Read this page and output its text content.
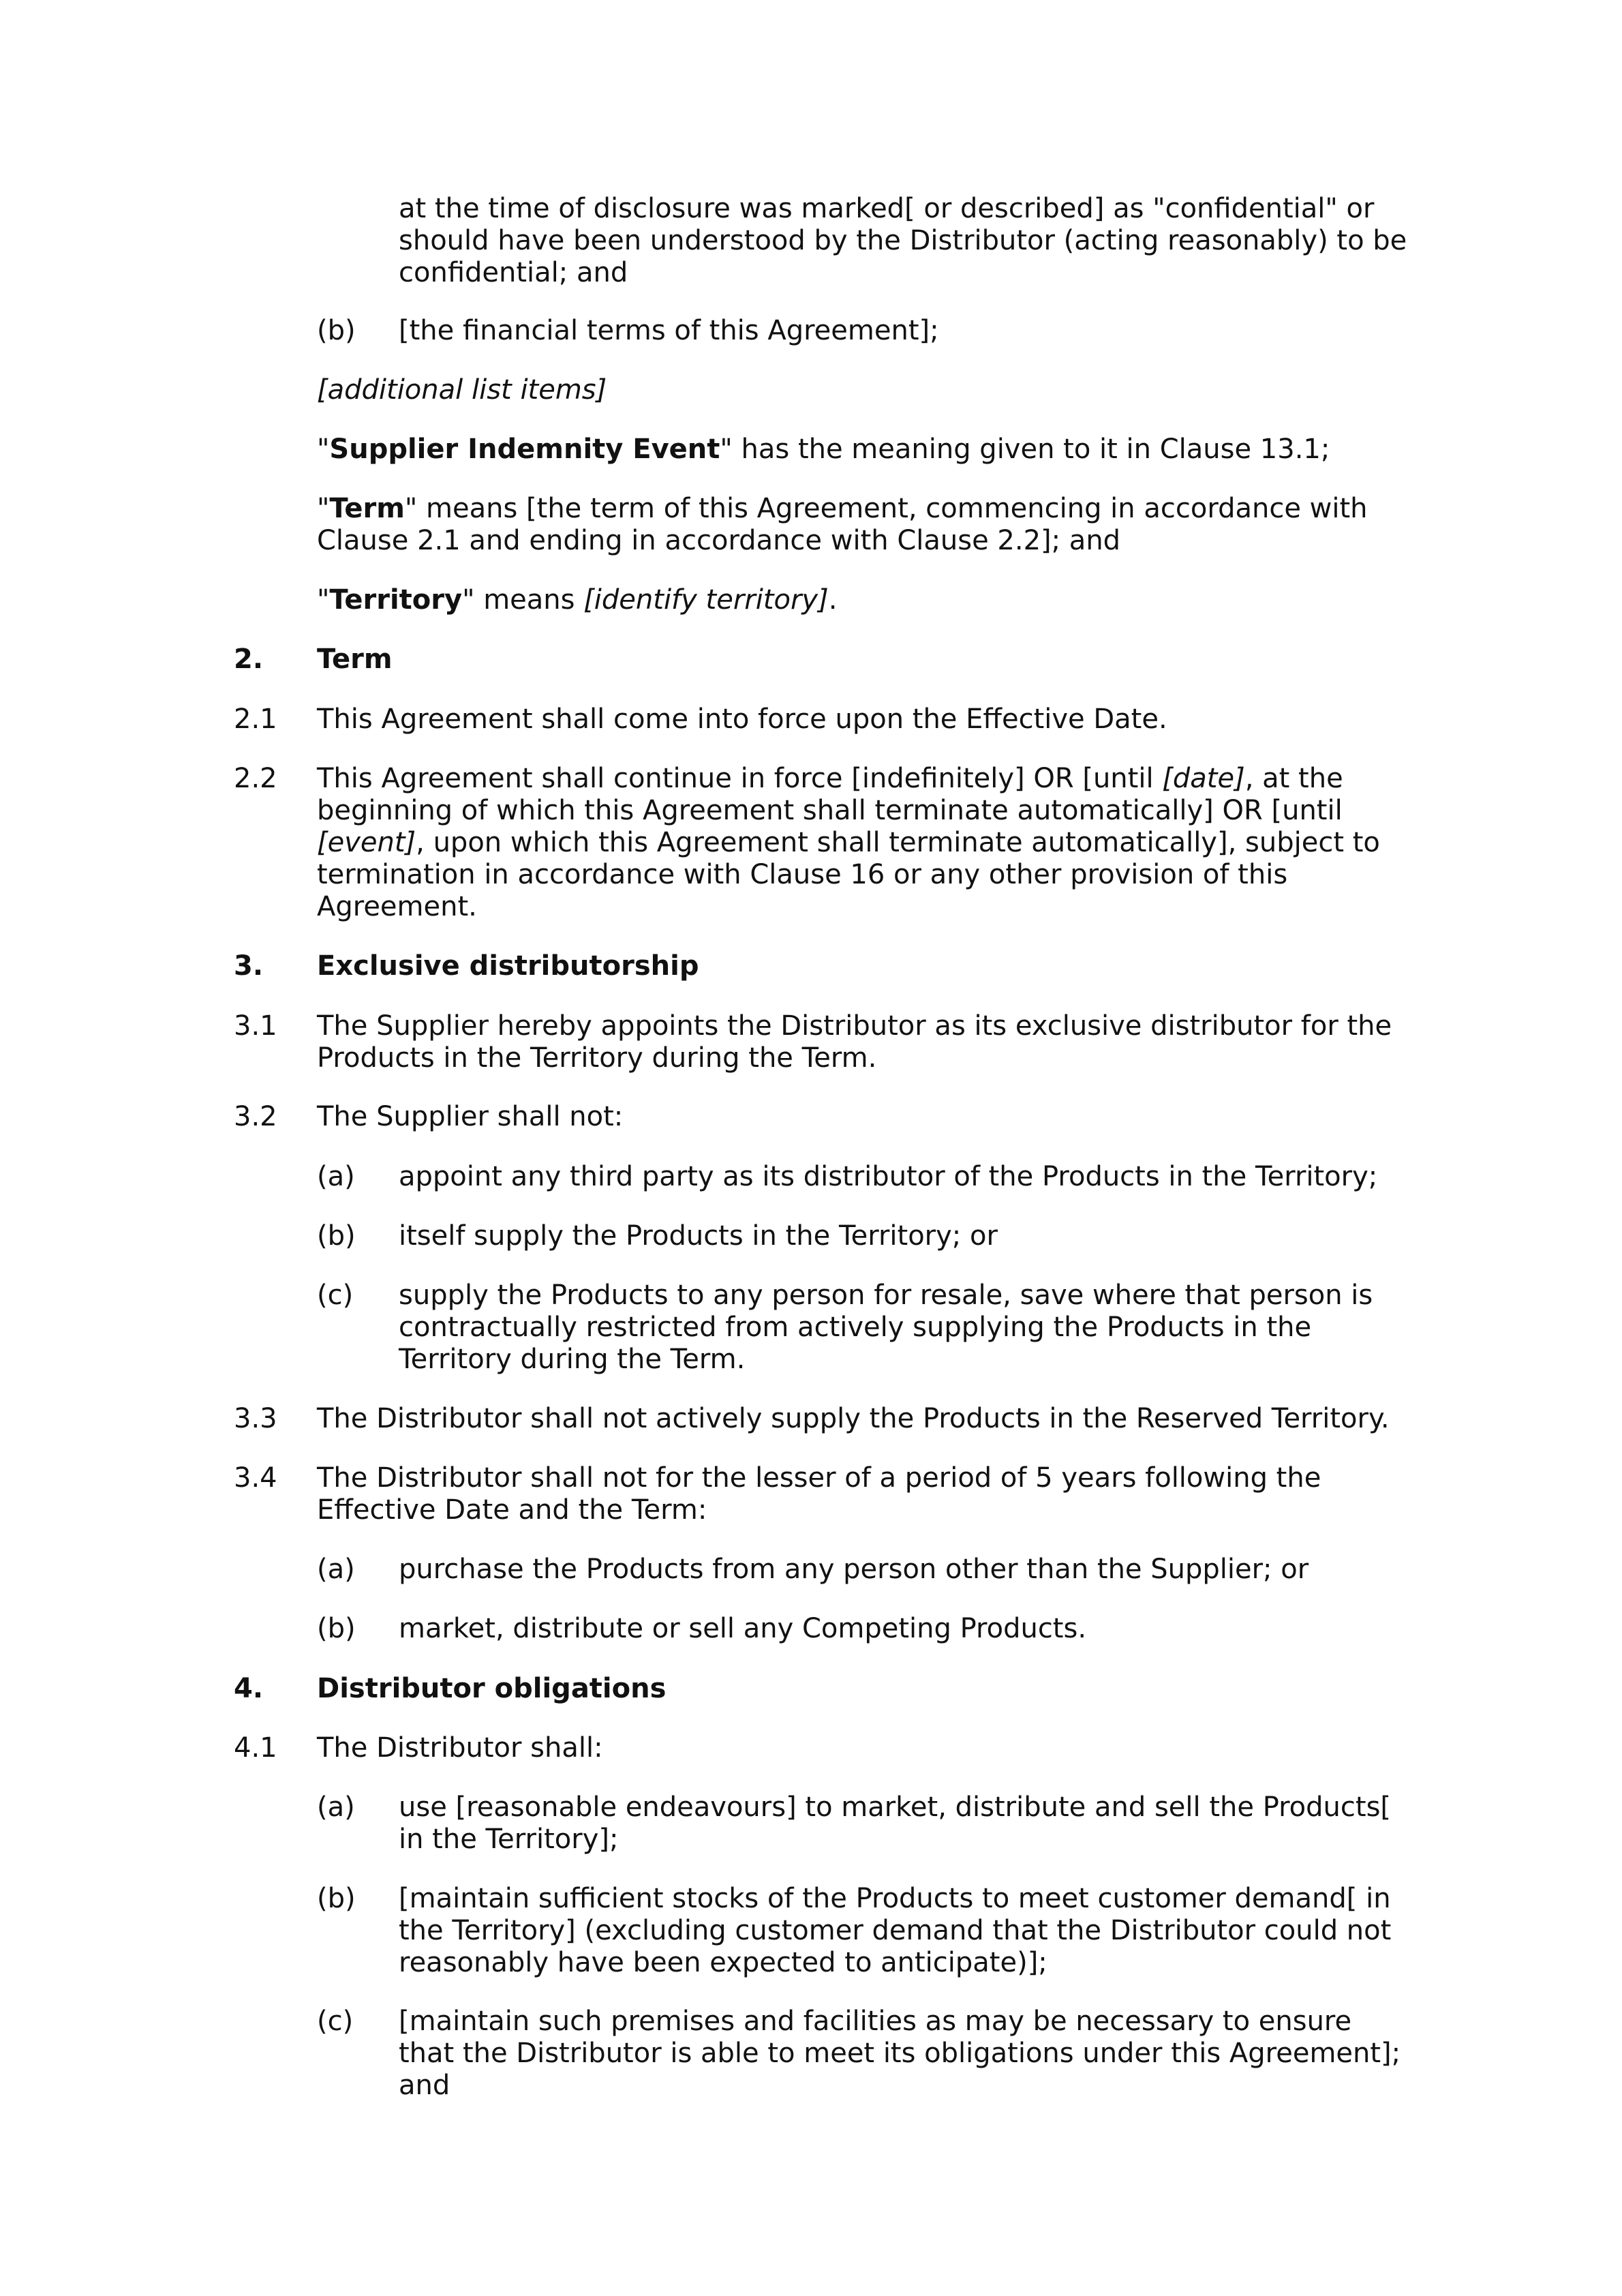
at the time of disclosure was marked[ or described] as "confidential" or should have been understood by the Distributor (acting reasonably) to be confidential; and

(b) [the financial terms of this Agreement];

[additional list items]

"Supplier Indemnity Event" has the meaning given to it in Clause 13.1;

"Term" means [the term of this Agreement, commencing in accordance with Clause 2.1 and ending in accordance with Clause 2.2]; and

"Territory" means [identify territory].

2. Term

2.1 This Agreement shall come into force upon the Effective Date.

2.2 This Agreement shall continue in force [indefinitely] OR [until [date], at the beginning of which this Agreement shall terminate automatically] OR [until [event], upon which this Agreement shall terminate automatically], subject to termination in accordance with Clause 16 or any other provision of this Agreement.

3. Exclusive distributorship

3.1 The Supplier hereby appoints the Distributor as its exclusive distributor for the Products in the Territory during the Term.

3.2 The Supplier shall not:

(a) appoint any third party as its distributor of the Products in the Territory;

(b) itself supply the Products in the Territory; or

(c) supply the Products to any person for resale, save where that person is contractually restricted from actively supplying the Products in the Territory during the Term.

3.3 The Distributor shall not actively supply the Products in the Reserved Territory.

3.4 The Distributor shall not for the lesser of a period of 5 years following the Effective Date and the Term:

(a) purchase the Products from any person other than the Supplier; or

(b) market, distribute or sell any Competing Products.

4. Distributor obligations

4.1 The Distributor shall:

(a) use [reasonable endeavours] to market, distribute and sell the Products[ in the Territory];

(b) [maintain sufficient stocks of the Products to meet customer demand[ in the Territory] (excluding customer demand that the Distributor could not reasonably have been expected to anticipate)];

(c) [maintain such premises and facilities as may be necessary to ensure that the Distributor is able to meet its obligations under this Agreement]; and
